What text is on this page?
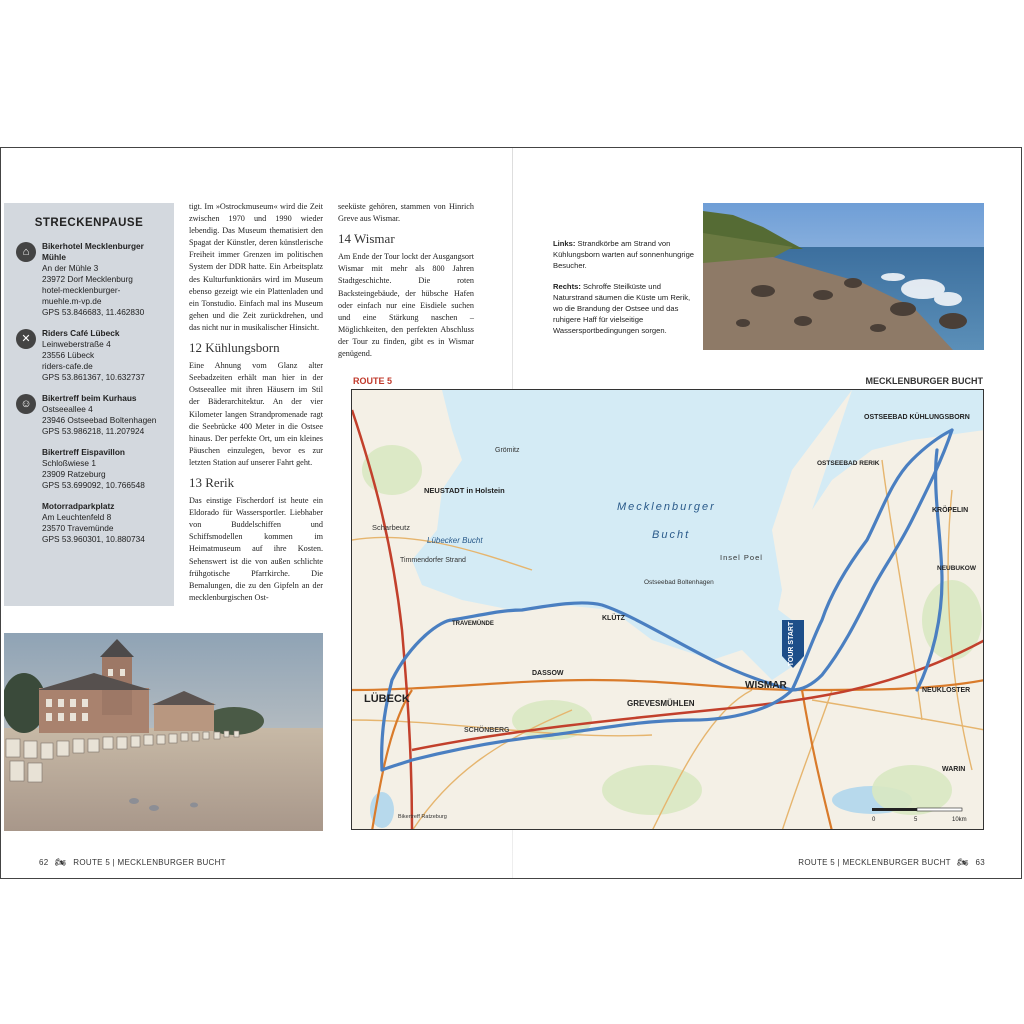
STRECKENPAUSE
⌂	Bikerhotel Mecklenburger Mühle
An der Mühle 3
23972 Dorf Mecklenburg
hotel-mecklenburger-
muehle.m-vp.de
GPS 53.846683, 11.462830
✕	Riders Café Lübeck
Leinweberstraße 4
23556 Lübeck
riders-cafe.de
GPS 53.861367, 10.632737
☺	Bikertreff beim Kurhaus
Ostseeallee 4
23946 Ostseebad Boltenhagen
GPS 53.986218, 11.207924
Bikertreff Eispavillon
Schloßwiese 1
23909 Ratzeburg
GPS 53.699092, 10.766548
Motorradparkplatz
Am Leuchtenfeld 8
23570 Travemünde
GPS 53.960301, 10.880734

tigt. Im »Ostrockmuseum« wird die Zeit zwischen 1970 und 1990 wieder lebendig. Das Museum thematisiert den Spagat der Künstler, deren künstlerische Freiheit immer Grenzen im politischen System der DDR hatte. Ein Arbeitsplatz des Kulturfunktionärs wird im Museum ebenso gezeigt wie ein Plattenladen und ein Tonstudio. Einfach mal ins Museum gehen und die Zeit zurückdrehen, und das nicht nur in musikalischer Hinsicht.

12 Kühlungsborn

Eine Ahnung vom Glanz alter Seebadzeiten erhält man hier in der Ostseeallee mit ihren Häusern im Stil der Bäderarchitektur. An der vier Kilometer langen Strandpromenade ragt die Seebrücke 400 Meter in die Ostsee hinaus. Der perfekte Ort, um ein kleines Päuschen einzulegen, bevor es zur letzten Station auf unserer Fahrt geht.

13 Rerik

Das einstige Fischerdorf ist heute ein Eldorado für Wassersportler. Liebhaber von Buddelschiffen und Schiffsmodellen kommen im Heimatmuseum auf ihre Kosten. Sehenswert ist die von außen schlichte frühgotische Pfarrkirche. Die Bemalungen, die zu den Gipfeln an der mecklenburgischen Ost-

seeküste gehören, stammen von Hinrich Greve aus Wismar.

14 Wismar

Am Ende der Tour lockt der Ausgangsort Wismar mit mehr als 800 Jahren Stadtgeschichte. Die roten Backsteingebäude, der hübsche Hafen oder einfach nur eine Eisdiele suchen und eine Stärkung naschen – Möglichkeiten, den perfekten Abschluss der Tour zu finden, gibt es in Wismar genügend.

Links: Strandkörbe am Strand von Kühlungsborn warten auf sonnenhungrige Besucher.

Rechts: Schroffe Steilküste und Naturstrand säumen die Küste um Rerik, wo die Brandung der Ostsee und das ruhigere Haff für vielseitige Wassersportbedingungen sorgen.

ROUTE 5	MECKLENBURGER BUCHT
Mecklenburger
Bucht
Lübecker Bucht
LÜBECK
WISMAR
GREVESMÜHLEN
NEUSTADT in Holstein
OSTSEEBAD KÜHLUNGSBORN
OSTSEEBAD RERIK
KRÖPELIN
NEUKLOSTER
NEUBUKOW
KLÜTZ
DASSOW
SCHÖNBERG
TRAVEMÜNDE
WARIN
Scharbeutz
Timmendorfer Strand
Ostseebad Boltenhagen
Insel Poel
Grömitz
Bikertreff Ratzeburg
TOUR START
0	5	10km
62 🏍 ROUTE 5 | MECKLENBURGER BUCHT	ROUTE 5 | MECKLENBURGER BUCHT 🏍 63
